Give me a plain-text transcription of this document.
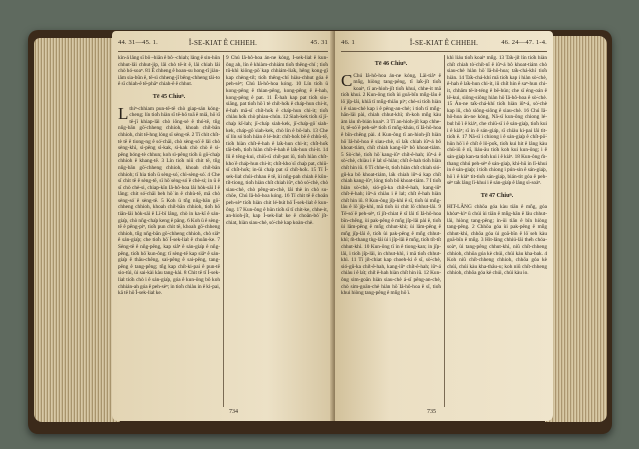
44. 31—45. 1.	Î-SE-KIAT Ê CHHEH.	45. 31
kìn-á lâng sī bô·-hiān ê bô·-chiah; lâng ê sin-hūn chhut-lâi chhut-jip, lâi chò tē-it ê, lâi chiah lâi chò hó-soaⁿ. 81 Ê chheng ê hoan-su hong-tî jiàn-iâm sia-bûn ê, tē-sì chheng-jî bêng-chheng tāi-to ê sī chiah-ê tē-phāⁿ chiah-ê ê chhut.
Tē 45 Chiuⁿ.
Lthiⁿ-chhiam pun-tē-tē chò giap-sán kóng-cheng; lín tio̍h hiàn sî tē-hō toā ê miâ, hō͘ sî tē-jī khiap-lāi chò iōng-sè ê thó͘-tē, tn̂g nn̄g-bān gō͘-chheng chhioh, khoah chi̍t-bān chhioh, chit tē-hng lóng sī sèng-tē. 2 Tī chit chi̍t-tè tē ê tiong-ng ê só͘-chāi, chò sèng-só͘ ê lâi chò sèng-khì, sì-pêng sì-kak, sì-kak chò chò ê sì-pêng bóng-tè chhun; koh sì-pêng tio̍h ū gō͘-cha̍p chhioh ê khang-tē. 3 Lín tio̍h niû chit tē, tn̂g nn̄g-bān gō͘-chheng chhioh, khoah chi̍t-bān chhioh; tī hia tio̍h ū sèng-só͘, chì-sèng-só͘. 4 Che sī chit tē ê sèng-tē, sī hō͘ sèng-só͘ ê chè-si; in ū ê sī chò chè-si, chiap-kīn Iâ-hô-hoa lâi hòk-sāi I ê lâng; chit só͘-chāi beh hō͘ in ê chhù-tē, mā chò sèng-só͘ ê sèng-tē. 5 Koh ū tn̂g nn̄g-bān gō͘-chheng chhioh, khoah chi̍t-bān chhioh, tio̍h hō͘ tiān-lāi hòk-sāi ê Lī-bī lâng, chò in ka-kī ê sán-gia̍p, chò nn̄g-cha̍p keng ê pâng. 6 Koh ū ê sèng-tē ê pêng-piⁿ, tio̍h pun chit tē, khoah gō͘-chheng chhioh, tn̂g nn̄g-bān gō͘-chheng chhioh, chò siâⁿ ê sán-gia̍p; che tio̍h hō͘ Í-sek-lia̍t ê choân-ke. 7 Sèng-tē ê nn̄g-pêng, kap siâⁿ ê sán-gia̍p ê nn̄g-pêng, tio̍h hō͘ kun-ông; tī sèng-tē kap siâⁿ ê sán-gia̍p ê thâu-chêng, sai-pêng ê sai-pêng, tang-pêng ê tang-pêng; tn̂g kap chi̍t-ki-pai ê pun-tē sio-tùi, ùi sai-kài kàu tang-kài. 8 Chit tē tī Í-sek-lia̍t tio̍h chò i ê sán-gia̍p, góa ê kun-ông bô koh chhián-ah góa ê peh-sèⁿ; in tio̍h chiàu in ê ki-pai, kā tē hō͘ Í-sek-lia̍t ke.
9 Chú Iâ-hô-hoa án-ne kóng, Í-sek-lia̍t ê kun-ông ah, lín ê khiàm-chhiám tio̍h thêng-chí ; tio̍h tû-khì kiông-pō͘ kap chhiám-lia̍k, hêng kong-gī kap chèng-ti̍t; tio̍h thêng-chí hiàu-chhut góa ê peh-sèⁿ; Chú Iâ-hô-hoa kóng. 10 Lín tio̍h ū kong-pêng ê thian-pêng, kong-pêng ê ê-hah, kong-pêng ê pat. 11 Ê-hah kap pat tio̍h sio-siāng, pat tio̍h hō͘ i tè chi̍t-ho̍k ê cha̍p-hun chi-it, ê-hah mā-sī chi̍t-ho̍k ê cha̍p-hun chi-it; tio̍h chiàu ho̍k chò phiau-chún. 12 Siah-kek tio̍h sī jī-cha̍p kî-lah; jī-cha̍p siah-kek, jī-cha̍p-gō͘ siah-kek, cha̍p-gō͘ siah-kek, chò lín ê bô-lah. 13 Che sī lín só͘ tio̍h hiàn ê lé-bu̍t: chi̍t-ho̍k bē ê chhù-tē, tio̍h hiàn chi̍t-ê-hah ê la̍k-hun chi-it; chi̍t-ho̍k tāi-be̍h, tio̍h hiàn chi̍t-ê-hah ê la̍k-hun chi-it. 14 Iû ê tēng-kui, chiū-sī chi̍t-pat iû, tio̍h hiàn chi̍t-kho͘ ê cha̍p-hun chi-it; chi̍t-kho͘ sī cha̍p pat, chiū-sī chi̍t-ho̍k; in-ūi cha̍p pat sī chi̍t-ho̍k. 15 Tī Í-sek-lia̍t chúi-chhau ê tē, ùi nn̄g-pah chiah ê kûn-ti̍t-tiong, tio̍h hiàn chi̍t chiah iûⁿ, chò só͘-chè, chò siau-chè, chò pêng-an-chè, lâi thè in chò su-chōe, Chú Iâ-hô-hoa kóng. 16 Tī chit tē ê choân peh-sèⁿ tio̍h hiàn chit lé-bu̍t hō͘ Í-sek-lia̍t ê kun-ông. 17 Kun-ông ê hūn tio̍h sī tī chit-ke, chhe-it, an-hioh-ji̍t, kap Í-sek-lia̍t ke ê choân-bó͘ ji̍t-chiat, hiàn siau-chè, só͘-chè kap koàn-chè.
734
46. 1	Î-SE-KIAT Ê CHHEH.	46. 24—47. 1-4.
Tē 46 Chiuⁿ.
C Chú Iâ-hô-hoa án-ne kóng, Lāi-tiâⁿ ê mn̂g, hiòng tang-pêng, tī la̍k-ji̍t tio̍h koaiⁿ, tī an-hioh-ji̍t tio̍h khui, chhe-it mā tio̍h khui. 2 Kun-ông tio̍h ùi goā-bīn mn̂g-lâu ê lō͘ ji̍p-lâi, khiā tī mn̂g-thiāu piⁿ; chè-si tio̍h hiàn i ê siau-chè kap i ê pêng-an-chè; i tio̍h tī mn̂g-hān-lāi pài, chiah chhut-khì; m̄-koh mn̂g kàu àm iáu m̄-bián koaiⁿ. 3 Tī an-hioh-ji̍t kap chhe-it, tē-só͘ ê peh-sèⁿ tio̍h tī mn̂g-kháu, tī Iâ-hô-hoa ê bīn-chêng pài. 4 Kun-ông tī an-hioh-ji̍t hiàn hō͘ Iâ-hô-hoa ê siau-chè, sī la̍k chiah iûⁿ-á bô khoat-tiám, chi̍t chiah kang-iûⁿ bô khoat-tiám. 5 Sò͘-chè, tio̍h hō͘ kang-iûⁿ chi̍t-ê-hah; iûⁿ-á ê sò͘-chè, chiàu i ê la̍t sî-hiàn; chi̍t ê-hah tio̍h hiàn chi̍t hin iû. 6 Tī chhe-it, tio̍h hiàn chi̍t chiah sió-gû-ka bô khoat-tiám, la̍k chiah iûⁿ-á kap chi̍t chiah kang-iûⁿ, lóng tio̍h bô khoat-tiám. 7 I tio̍h hiàn sò͘-chè, sió-gû-ka chi̍t-ê-hah, kang-iûⁿ chi̍t-ê-hah; iûⁿ-á chiàu i ê la̍t; chi̍t ê-hah hiàn chi̍t hin iû. 8 Kun-ông ji̍p-khì ê sî, tio̍h ùi mn̂g-lâu ê lō͘ ji̍p-khì, mā tio̍h ùi chit lō͘ chhut-lâi. 9 Tē-só͘ ê peh-sèⁿ, tī ji̍t-chiat ê sî lâi tī Iâ-hô-hoa bīn-chêng, ùi pak-pêng ê mn̂g ji̍p-lâi pài ê, tio̍h ùi lâm-pêng ê mn̂g chhut-khì; ùi lâm-pêng ê mn̂g ji̍p-lâi ê, tio̍h ùi pak-pêng ê mn̂g chhut-khì; m̄-thang tǹg-lâi ùi i ji̍p-lâi ê mn̂g, tio̍h ti̍t-ti̍t chhut-khì. 10 Kun-ông tī in ê tiong-kan; in ji̍p-lâi, i tio̍h ji̍p-lâi, in chhut-khì, i mā tio̍h chhut-khì. 11 Tī ji̍t-chiat kap choeh-ki ê sî, sò͘-chè, sió-gû-ka chi̍t-ê-hah, kang-iûⁿ chi̍t-ê-hah; iûⁿ-á chiàu i ê la̍t; chi̍t ê-hah hiàn chi̍t hin iû. 12 Kun-ông sim-goān hiàn siau-chè á-sī pêng-an-chè, chò sim-goān-chè hiàn hō͘ Iâ-hô-hoa ê sî, tio̍h khui hiòng tang-pêng ê mn̂g hō͘ i.
khì liáu tio̍h koaiⁿ mn̂g. 13 Ta̍k-ji̍t lín tio̍h hiàn chi̍t chiah tò͘-chi̍t-nî ê iûⁿ-á bô khoat-tiám chò siau-chè hiàn hō͘ Iâ-hô-hoa; ta̍k-chá-khí tio̍h hiàn. 14 Ta̍k-chá-khí mā tio̍h kap i hiàn sò͘-chè, ê-hah ê la̍k-hun chi-it, iû chi̍t hin ê saⁿ-hun chi-it, chhâm tē-it-téng ê bē-hún; che sī éng-oán ê lē-kui, siông-siông hiàn hō͘ Iâ-hô-hoa ê sò͘-chè. 15 Án-ne ta̍k-chá-khí tio̍h hiàn iûⁿ-á, sò͘-chè kap iû, chò siông-siông ê siau-chè. 16 Chú Iâ-hô-hoa án-ne kóng, Nā-sī kun-ông chiong lé-bu̍t hō͘ i ê kiáⁿ, che chiū-sī i ê sán-gia̍p, tio̍h kui i ê kiáⁿ; sī in ê sán-gia̍p, sī chiàu ki-pai lâi tit-tio̍h ê. 17 Nā-sī i chiong i ê sán-gia̍p ê chi̍t-pō͘-hūn hō͘ i ê chi̍t ê lô͘-po̍k, tio̍h kui hit ê lâng kàu chū-iû ê nî, liáu-āu tio̍h koh kui kun-ông; i ê sán-gia̍p kan-ta tio̍h kui i ê kiáⁿ. 18 Kun-ông m̄-thang chhú peh-sèⁿ ê sán-gia̍p, khi-hū in lī-khui in ê sán-gia̍p; i tio̍h chiong i pún-sin ê sán-gia̍p, hō͘ i ê kiáⁿ tit-tio̍h sán-gia̍p, bián-tit góa ê peh-sèⁿ ta̍k lâng lī-khui i ê sán-gia̍p ê lâng sì-soàⁿ.
Tē 47 Chiuⁿ.
HIT-LÂNG chhōa góa kàu tiān ê mn̂g, góa khòaⁿ-kìⁿ ū chúi ùi tiān ê mn̂g-hān ē lâu chhut-lâi, hiòng tang-pêng; in-ūi tiān ê bīn hiòng tang-pêng. 2 Chhōa góa ùi pak-pêng ê mn̂g chhut-khì, chhōa góa ùi goā-bīn ê lō͘ seh kàu goā-bīn ê mn̂g. 3 Hit-lâng chhiú-lāi the̍h chóa-soàⁿ, ùi tang-pêng chhut-khì, niû chi̍t-chheng chhioh, chhōa góa kè chúi, chúi kàu kha-bak. 4 Koh niû chi̍t-chheng chhioh, chhōa góa kè chúi, chúi kàu kha-thâu-u; koh niû chi̍t-chheng chhioh, chhōa góa kè chúi, chúi kàu io.
735
